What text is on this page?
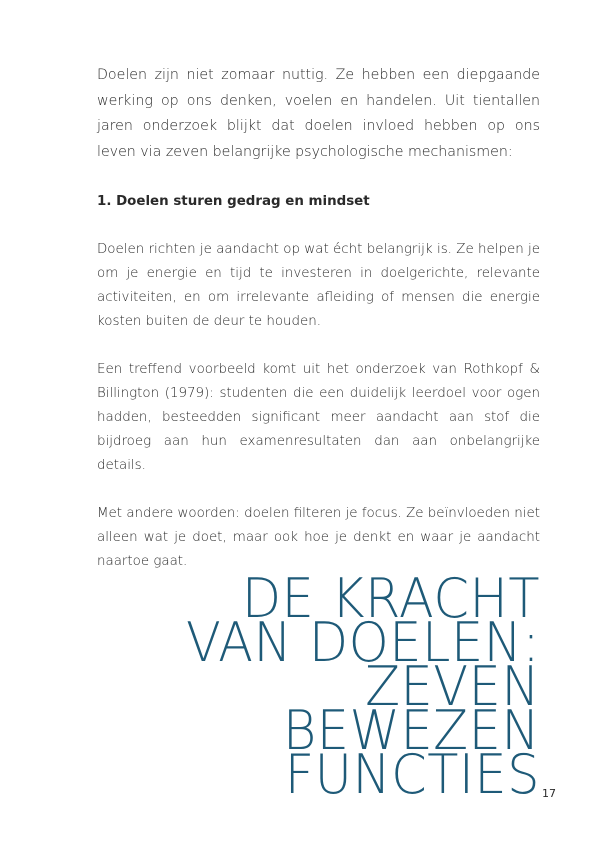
Doelen zijn niet zomaar nuttig. Ze hebben een diepgaande werking op ons denken, voelen en handelen. Uit tientallen jaren onderzoek blijkt dat doelen invloed hebben op ons leven via zeven belangrijke psychologische mechanismen:

1. Doelen sturen gedrag en mindset

Doelen richten je aandacht op wat écht belangrijk is. Ze helpen je om je energie en tijd te investeren in doelgerichte, relevante activiteiten, en om irrelevante afleiding of mensen die energie kosten buiten de deur te houden.

Een treffend voorbeeld komt uit het onderzoek van Rothkopf & Billington (1979): studenten die een duidelijk leerdoel voor ogen hadden, besteedden significant meer aandacht aan stof die bijdroeg aan hun examenresultaten dan aan onbelangrijke details.

Met andere woorden: doelen filteren je focus. Ze beïnvloeden niet alleen wat je doet, maar ook hoe je denkt en waar je aandacht naartoe gaat.

DE KRACHT
VAN DOELEN:
ZEVEN
BEWEZEN
FUNCTIES 17
